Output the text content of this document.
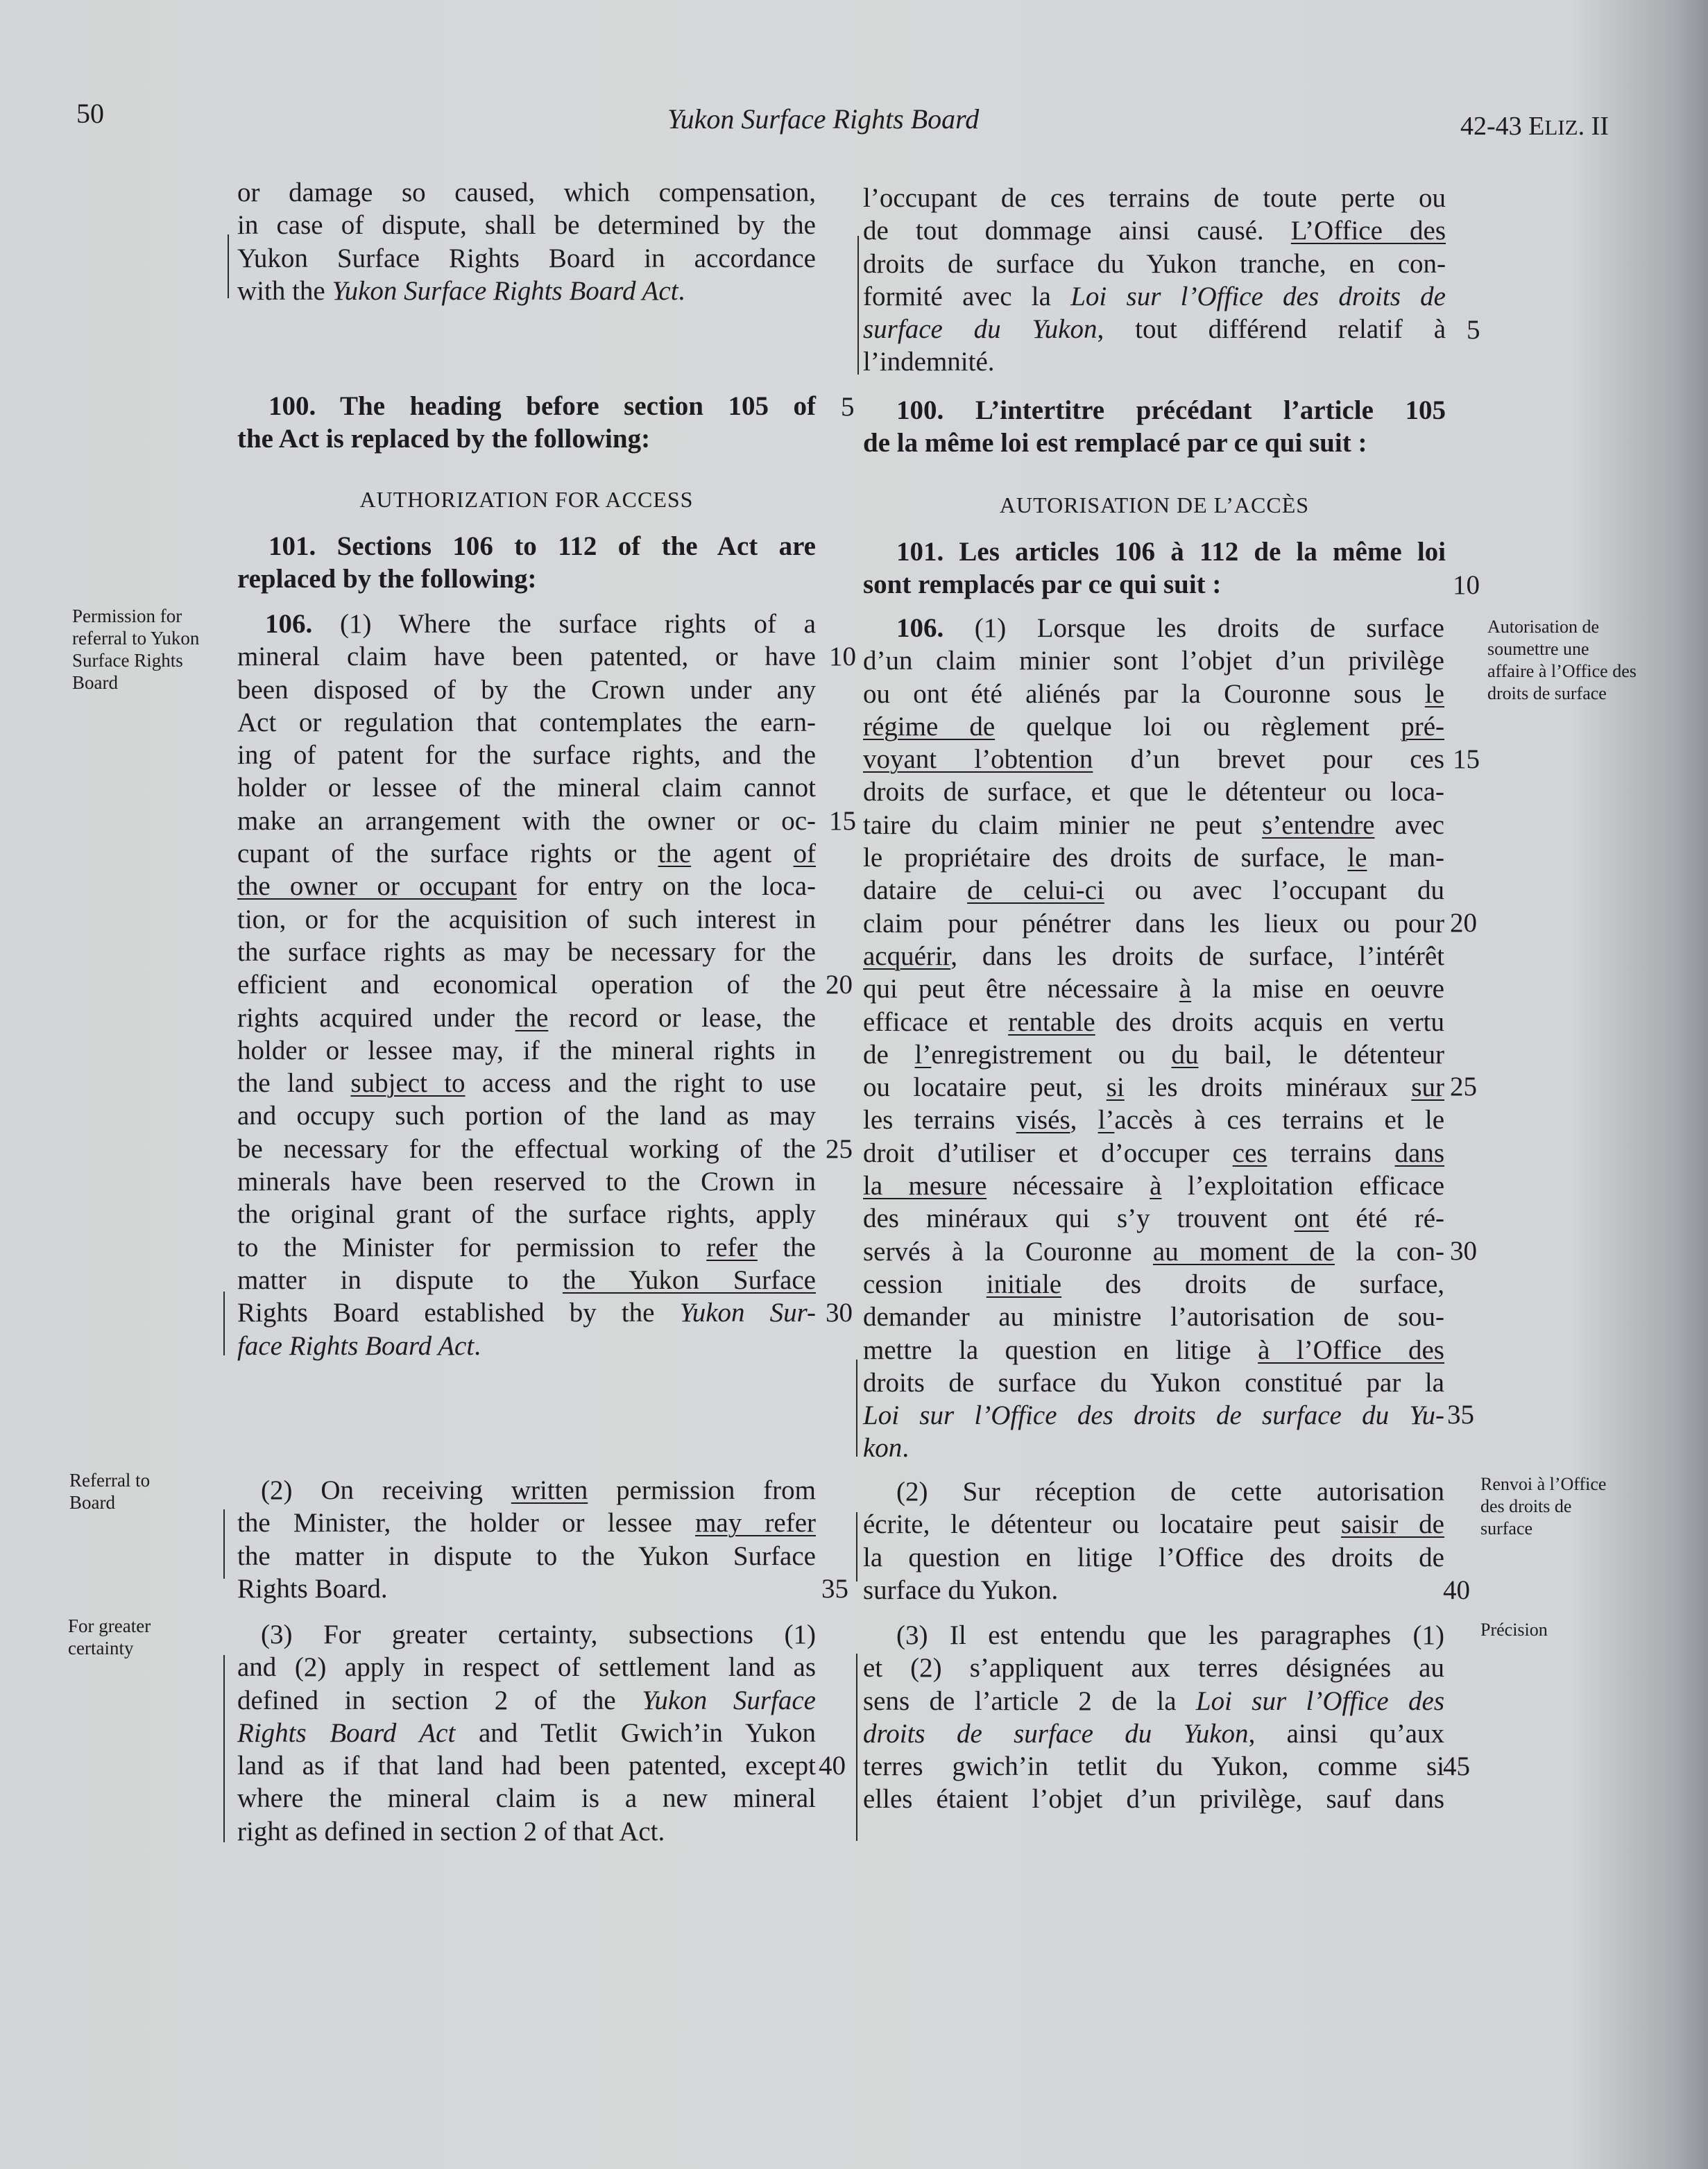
50	Yukon Surface Rights Board	42-43 ELIZ. II

or damage so caused, which compensation,
in case of dispute, shall be determined by the
Yukon Surface Rights Board in accordance
with the Yukon Surface Rights Board Act.

100. The heading before section 105 of
the Act is replaced by the following:
AUTHORIZATION FOR ACCESS
101. Sections 106 to 112 of the Act are
replaced by the following:
106. (1) Where the surface rights of a
mineral claim have been patented, or have
been disposed of by the Crown under any
Act or regulation that contemplates the earn-
ing of patent for the surface rights, and the
holder or lessee of the mineral claim cannot
make an arrangement with the owner or oc-
cupant of the surface rights or the agent of
the owner or occupant for entry on the loca-
tion, or for the acquisition of such interest in
the surface rights as may be necessary for the
efficient and economical operation of the
rights acquired under the record or lease, the
holder or lessee may, if the mineral rights in
the land subject to access and the right to use
and occupy such portion of the land as may
be necessary for the effectual working of the
minerals have been reserved to the Crown in
the original grant of the surface rights, apply
to the Minister for permission to refer the
matter in dispute to the Yukon Surface
Rights Board established by the Yukon Sur-
face Rights Board Act.
(2) On receiving written permission from
the Minister, the holder or lessee may refer
the matter in dispute to the Yukon Surface
Rights Board.
(3) For greater certainty, subsections (1)
and (2) apply in respect of settlement land as
defined in section 2 of the Yukon Surface
Rights Board Act and Tetlit Gwich’in Yukon
land as if that land had been patented, except
where the mineral claim is a new mineral
right as defined in section 2 of that Act.
l’occupant de ces terrains de toute perte ou
de tout dommage ainsi causé. L’Office des
droits de surface du Yukon tranche, en con-
formité avec la Loi sur l’Office des droits de
surface du Yukon, tout différend relatif à
l’indemnité.
100. L’intertitre précédant l’article 105
de la même loi est remplacé par ce qui suit :
AUTORISATION DE L’ACCÈS
101. Les articles 106 à 112 de la même loi
sont remplacés par ce qui suit :
106. (1) Lorsque les droits de surface
d’un claim minier sont l’objet d’un privilège
ou ont été aliénés par la Couronne sous le
régime de quelque loi ou règlement pré-
voyant l’obtention d’un brevet pour ces
droits de surface, et que le détenteur ou loca-
taire du claim minier ne peut s’entendre avec
le propriétaire des droits de surface, le man-
dataire de celui-ci ou avec l’occupant du
claim pour pénétrer dans les lieux ou pour
acquérir, dans les droits de surface, l’intérêt
qui peut être nécessaire à la mise en oeuvre
efficace et rentable des droits acquis en vertu
de l’enregistrement ou du bail, le détenteur
ou locataire peut, si les droits minéraux sur
les terrains visés, l’accès à ces terrains et le
droit d’utiliser et d’occuper ces terrains dans
la mesure nécessaire à l’exploitation efficace
des minéraux qui s’y trouvent ont été ré-
servés à la Couronne au moment de la con-
cession initiale des droits de surface,
demander au ministre l’autorisation de sou-
mettre la question en litige à l’Office des
droits de surface du Yukon constitué par la
Loi sur l’Office des droits de surface du Yu-
kon.
(2) Sur réception de cette autorisation
écrite, le détenteur ou locataire peut saisir de
la question en litige l’Office des droits de
surface du Yukon.
(3) Il est entendu que les paragraphes (1)
et (2) s’appliquent aux terres désignées au
sens de l’article 2 de la Loi sur l’Office des
droits de surface du Yukon, ainsi qu’aux
terres gwich’in tetlit du Yukon, comme si
elles étaient l’objet d’un privilège, sauf dans
5
10
15
20
25
30
35
40
5
10
15
20
25
30
35
40
45
Permission for referral to Yukon Surface Rights Board
Referral to Board
For greater certainty
Autorisation de soumettre une affaire à l’Office des droits de surface
Renvoi à l’Office des droits de surface
Précision
